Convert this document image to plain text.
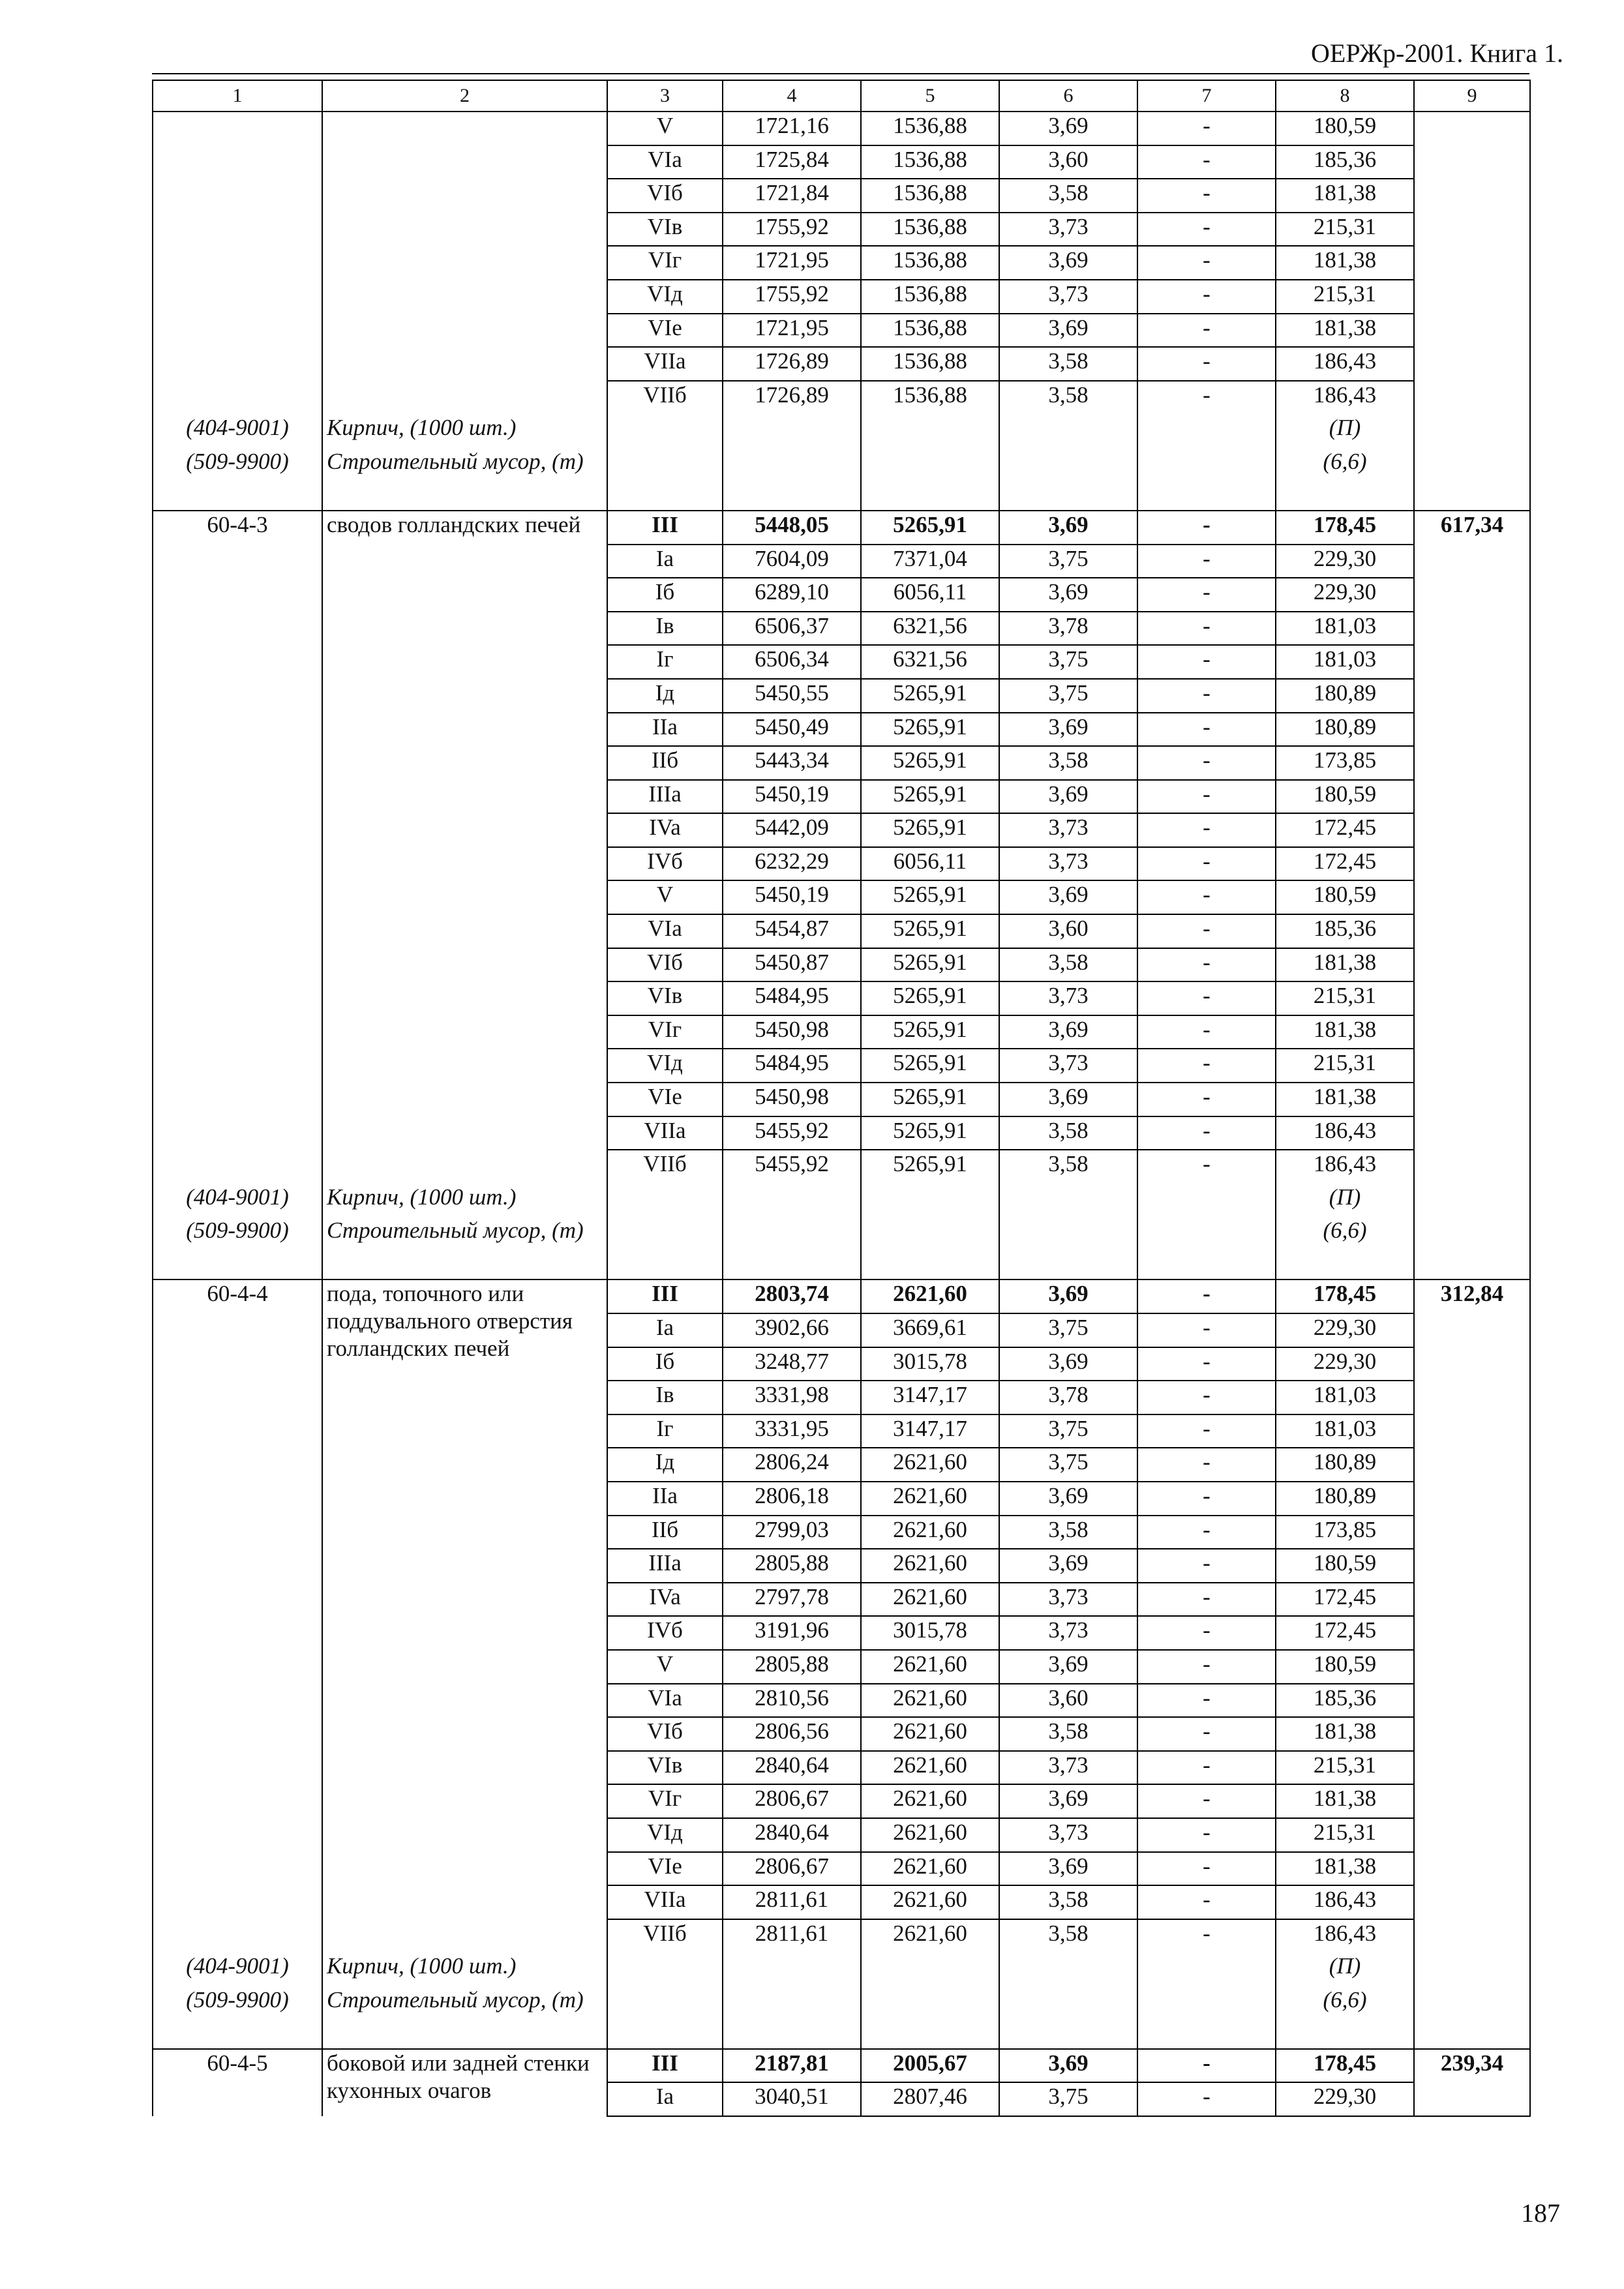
ОЕРЖр-2001. Книга 1.
1	2	3	4	5	6	7	8	9
		V	1721,16	1536,88	3,69	-	180,59	
		VIa	1725,84	1536,88	3,60	-	185,36	
		VIб	1721,84	1536,88	3,58	-	181,38	
		VIв	1755,92	1536,88	3,73	-	215,31	
		VIг	1721,95	1536,88	3,69	-	181,38	
		VIд	1755,92	1536,88	3,73	-	215,31	
		VIe	1721,95	1536,88	3,69	-	181,38	
		VIIa	1726,89	1536,88	3,58	-	186,43	
		VIIб	1726,89	1536,88	3,58	-	186,43	
(404-9001)	Кирпич, (1000 шт.)						(П)	
(509-9900)	Строительный мусор, (т)						(6,6)	
60-4-3	сводов голландских печей	III	5448,05	5265,91	3,69	-	178,45	617,34
		Ia	7604,09	7371,04	3,75	-	229,30	
		Iб	6289,10	6056,11	3,69	-	229,30	
		Iв	6506,37	6321,56	3,78	-	181,03	
		Iг	6506,34	6321,56	3,75	-	181,03	
		Iд	5450,55	5265,91	3,75	-	180,89	
		IIa	5450,49	5265,91	3,69	-	180,89	
		IIб	5443,34	5265,91	3,58	-	173,85	
		IIIa	5450,19	5265,91	3,69	-	180,59	
		IVa	5442,09	5265,91	3,73	-	172,45	
		IVб	6232,29	6056,11	3,73	-	172,45	
		V	5450,19	5265,91	3,69	-	180,59	
		VIa	5454,87	5265,91	3,60	-	185,36	
		VIб	5450,87	5265,91	3,58	-	181,38	
		VIв	5484,95	5265,91	3,73	-	215,31	
		VIг	5450,98	5265,91	3,69	-	181,38	
		VIд	5484,95	5265,91	3,73	-	215,31	
		VIe	5450,98	5265,91	3,69	-	181,38	
		VIIa	5455,92	5265,91	3,58	-	186,43	
		VIIб	5455,92	5265,91	3,58	-	186,43	
(404-9001)	Кирпич, (1000 шт.)						(П)	
(509-9900)	Строительный мусор, (т)						(6,6)	
60-4-4	пода, топочного или поддувального отверстия голландских печей	III	2803,74	2621,60	3,69	-	178,45	312,84
		Ia	3902,66	3669,61	3,75	-	229,30	
		Iб	3248,77	3015,78	3,69	-	229,30	
		Iв	3331,98	3147,17	3,78	-	181,03	
		Iг	3331,95	3147,17	3,75	-	181,03	
		Iд	2806,24	2621,60	3,75	-	180,89	
		IIa	2806,18	2621,60	3,69	-	180,89	
		IIб	2799,03	2621,60	3,58	-	173,85	
		IIIa	2805,88	2621,60	3,69	-	180,59	
		IVa	2797,78	2621,60	3,73	-	172,45	
		IVб	3191,96	3015,78	3,73	-	172,45	
		V	2805,88	2621,60	3,69	-	180,59	
		VIa	2810,56	2621,60	3,60	-	185,36	
		VIб	2806,56	2621,60	3,58	-	181,38	
		VIв	2840,64	2621,60	3,73	-	215,31	
		VIг	2806,67	2621,60	3,69	-	181,38	
		VIд	2840,64	2621,60	3,73	-	215,31	
		VIe	2806,67	2621,60	3,69	-	181,38	
		VIIa	2811,61	2621,60	3,58	-	186,43	
		VIIб	2811,61	2621,60	3,58	-	186,43	
(404-9001)	Кирпич, (1000 шт.)						(П)	
(509-9900)	Строительный мусор, (т)						(6,6)	
60-4-5	боковой или задней стенки кухонных очагов	III	2187,81	2005,67	3,69	-	178,45	239,34
		Ia	3040,51	2807,46	3,75	-	229,30	
187
